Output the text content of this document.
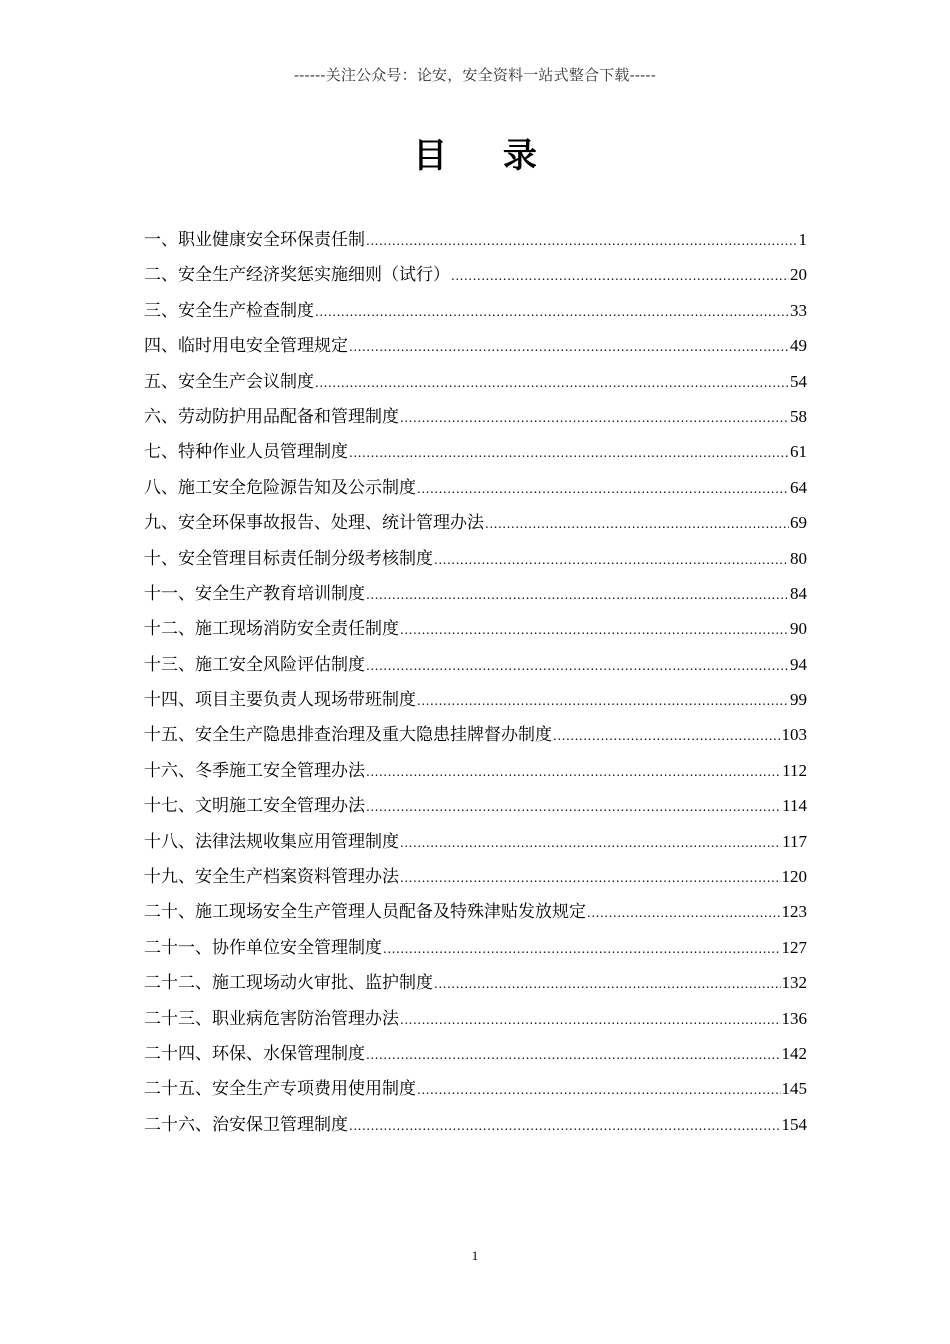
------关注公众号：论安，安全资料一站式整合下载-----
目 录
一、职业健康安全环保责任制 .....	1
二、安全生产经济奖惩实施细则（试行） .....	20
三、安全生产检查制度 .....	33
四、临时用电安全管理规定 .....	49
五、安全生产会议制度 .....	54
六、劳动防护用品配备和管理制度 .....	58
七、特种作业人员管理制度 .....	61
八、施工安全危险源告知及公示制度 .....	64
九、安全环保事故报告、处理、统计管理办法 .....	69
十、安全管理目标责任制分级考核制度 .....	80
十一、安全生产教育培训制度 .....	84
十二、施工现场消防安全责任制度 .....	90
十三、施工安全风险评估制度 .....	94
十四、项目主要负责人现场带班制度 .....	99
十五、安全生产隐患排查治理及重大隐患挂牌督办制度 .....	103
十六、冬季施工安全管理办法 .....	112
十七、文明施工安全管理办法 .....	114
十八、法律法规收集应用管理制度 .....	117
十九、安全生产档案资料管理办法 .....	120
二十、施工现场安全生产管理人员配备及特殊津贴发放规定 .....	123
二十一、协作单位安全管理制度 .....	127
二十二、施工现场动火审批、监护制度 .....	132
二十三、职业病危害防治管理办法 .....	136
二十四、环保、水保管理制度 .....	142
二十五、安全生产专项费用使用制度 .....	145
二十六、治安保卫管理制度 .....	154
1
